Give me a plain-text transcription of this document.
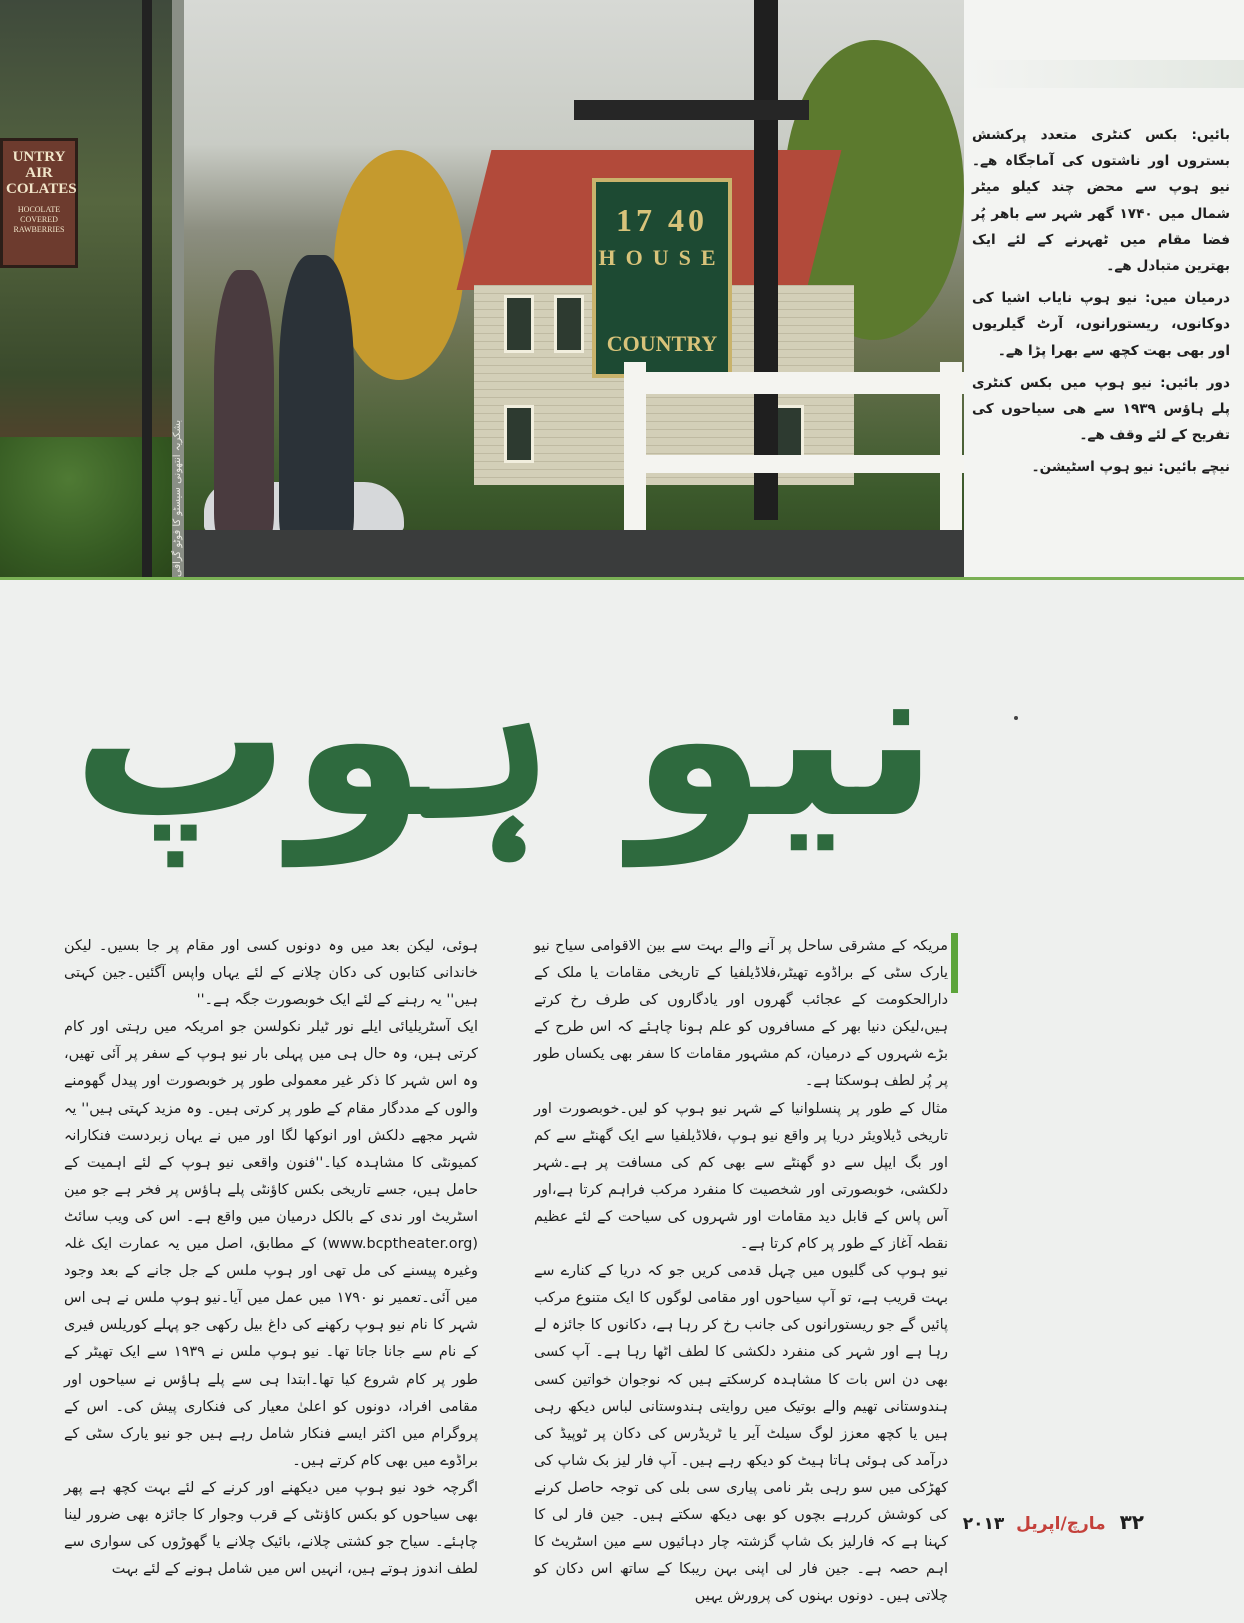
UNTRY
AIR
COLATES
HOCOLATE COVERED RAWBERRIES
بشکریہ انتھونی سیسٹو کا فوٹو گرافی
17 40
HOUSE
COUNTRY

بائیں: بکس کنٹری متعدد پرکشش بستروں اور ناشتوں کی آماجگاہ ھے۔نیو ہوپ سے محض چند کیلو میٹر شمال میں ۱۷۴۰ گھر شہر سے باھر پُر فضا مقام میں ٹھہرنے کے لئے ایک بھترین متبادل ھے۔

درمیان میں: نیو ہوپ نایاب اشیا کی دوکانوں، ریستورانوں، آرٹ گیلریوں اور بھی بھت کچھ سے بھرا پڑا ھے۔

دور بائیں: نیو ہوپ میں بکس کنٹری پلے ہاؤس ۱۹۳۹ سے ھی سیاحوں کی تفریح کے لئے وقف ھے۔

نیچے بائیں: نیو ہوپ اسٹیشن۔

نیو ہوپ

مریکہ کے مشرقی ساحل پر آنے والے بہت سے بین الاقوامی سیاح نیو یارک سٹی کے براڈوے تھیٹر،فلاڈیلفیا کے تاریخی مقامات یا ملک کے دارالحکومت کے عجائب گھروں اور یادگاروں کی طرف رخ کرتے ہیں،لیکن دنیا بھر کے مسافروں کو علم ہونا چاہئے کہ اس طرح کے بڑے شہروں کے درمیان، کم مشہور مقامات کا سفر بھی یکساں طور پر پُر لطف ہوسکتا ہے۔

مثال کے طور پر پنسلوانیا کے شہر نیو ہوپ کو لیں۔خوبصورت اور تاریخی ڈیلاویئر دریا پر واقع نیو ہوپ ،فلاڈیلفیا سے ایک گھنٹے سے کم اور بگ ایپل سے دو گھنٹے سے بھی کم کی مسافت پر ہے۔شہر دلکشی، خوبصورتی اور شخصیت کا منفرد مرکب فراہم کرتا ہے،اور آس پاس کے قابل دید مقامات اور شہروں کی سیاحت کے لئے عظیم نقطہ آغاز کے طور پر کام کرتا ہے۔

نیو ہوپ کی گلیوں میں چہل قدمی کریں جو کہ دریا کے کنارے سے بہت قریب ہے، تو آپ سیاحوں اور مقامی لوگوں کا ایک متنوع مرکب پائیں گے جو ریستورانوں کی جانب رخ کر رہا ہے، دکانوں کا جائزہ لے رہا ہے اور شہر کی منفرد دلکشی کا لطف اٹھا رہا ہے۔ آپ کسی بھی دن اس بات کا مشاہدہ کرسکتے ہیں کہ نوجوان خواتین کسی ہندوستانی تھیم والے بوتیک میں روایتی ہندوستانی لباس دیکھ رہی ہیں یا کچھ معزز لوگ سیلٹ آیر یا ٹریڈرس کی دکان پر ٹوپیڈ کی درآمد کی ہوئی ہاتا ہیٹ کو دیکھ رہے ہیں۔ آپ فار لیز بک شاپ کی کھڑکی میں سو رہی بٹر نامی پیاری سی بلی کی توجہ حاصل کرنے کی کوشش کررہے بچوں کو بھی دیکھ سکتے ہیں۔ جین فار لی کا کہنا ہے کہ فارلیز بک شاپ گزشتہ چار دہائیوں سے مین اسٹریٹ کا اہم حصہ ہے۔ جین فار لی اپنی بہن ریبکا کے ساتھ اس دکان کو چلاتی ہیں۔ دونوں بہنوں کی پرورش یہیں

ہوئی، لیکن بعد میں وہ دونوں کسی اور مقام پر جا بسیں۔ لیکن خاندانی کتابوں کی دکان چلانے کے لئے یہاں واپس آگئیں۔جین کہتی ہیں'' یہ رہنے کے لئے ایک خوبصورت جگہ ہے۔''

ایک آسٹریلیائی ایلے نور ٹیلر نکولسن جو امریکہ میں رہتی اور کام کرتی ہیں، وہ حال ہی میں پہلی بار نیو ہوپ کے سفر پر آئی تھیں، وہ اس شہر کا ذکر غیر معمولی طور پر خوبصورت اور پیدل گھومنے والوں کے مددگار مقام کے طور پر کرتی ہیں۔ وہ مزید کہتی ہیں'' یہ شہر مجھے دلکش اور انوکھا لگا اور میں نے یہاں زبردست فنکارانہ کمیونٹی کا مشاہدہ کیا۔''فنون واقعی نیو ہوپ کے لئے اہمیت کے حامل ہیں، جسے تاریخی بکس کاؤنٹی پلے ہاؤس پر فخر ہے جو مین اسٹریٹ اور ندی کے بالکل درمیان میں واقع ہے۔ اس کی ویب سائٹ (www.bcptheater.org) کے مطابق، اصل میں یہ عمارت ایک غلہ وغیرہ پیسنے کی مل تھی اور ہوپ ملس کے جل جانے کے بعد وجود میں آئی۔تعمیر نو ۱۷۹۰ میں عمل میں آیا۔نیو ہوپ ملس نے ہی اس شہر کا نام نیو ہوپ رکھنے کی داغ بیل رکھی جو پہلے کوریلس فیری کے نام سے جانا جاتا تھا۔ نیو ہوپ ملس نے ۱۹۳۹ سے ایک تھیٹر کے طور پر کام شروع کیا تھا۔ابتدا ہی سے پلے ہاؤس نے سیاحوں اور مقامی افراد، دونوں کو اعلیٰ معیار کی فنکاری پیش کی۔ اس کے پروگرام میں اکثر ایسے فنکار شامل رہے ہیں جو نیو یارک سٹی کے براڈوے میں بھی کام کرتے ہیں۔

اگرچہ خود نیو ہوپ میں دیکھنے اور کرنے کے لئے بہت کچھ ہے پھر بھی سیاحوں کو بکس کاؤنٹی کے قرب وجوار کا جائزہ بھی ضرور لینا چاہئے۔ سیاح جو کشتی چلانے، بائیک چلانے یا گھوڑوں کی سواری سے لطف اندوز ہوتے ہیں، انہیں اس میں شامل ہونے کے لئے بہت

۳۲ مارچ/اپریل ۲۰۱۳
